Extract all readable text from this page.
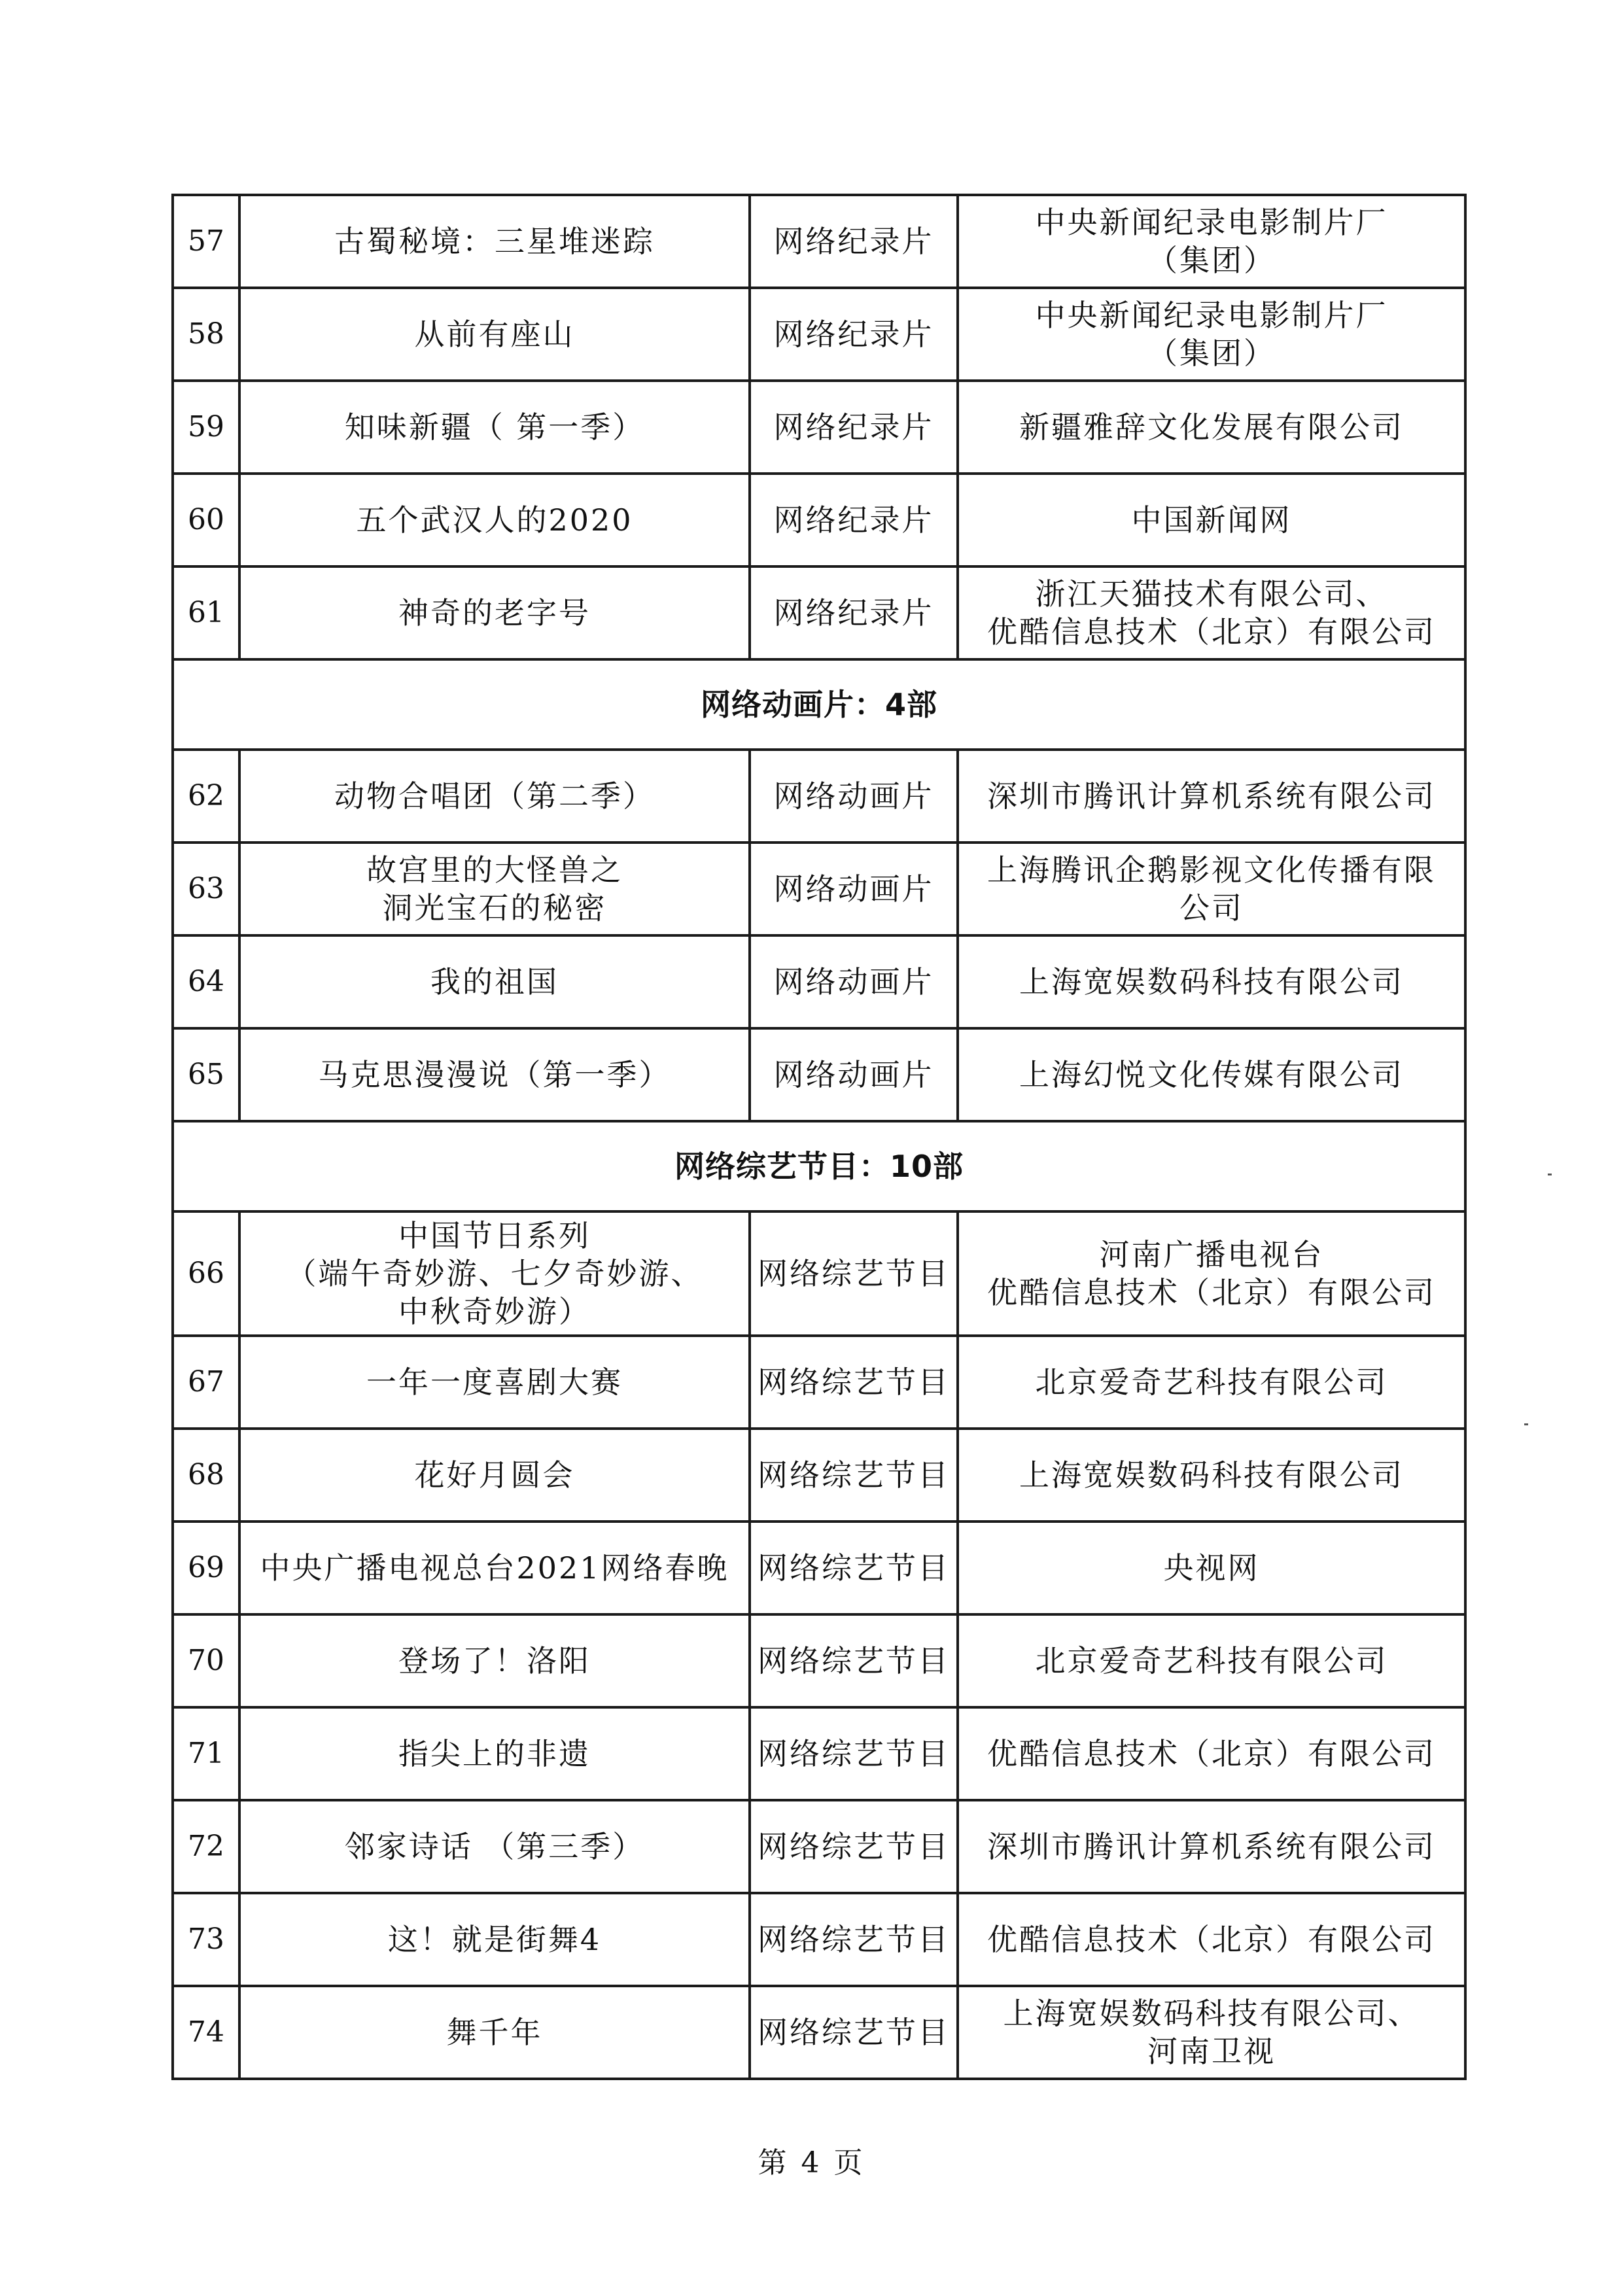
57	古蜀秘境：三星堆迷踪	网络纪录片	中央新闻纪录电影制片厂
（集团）

58	从前有座山	网络纪录片	中央新闻纪录电影制片厂
（集团）

59	知味新疆（ 第一季）	网络纪录片	新疆雅辞文化发展有限公司

60	五个武汉人的2020	网络纪录片	中国新闻网

61	神奇的老字号	网络纪录片	浙江天猫技术有限公司、
优酷信息技术（北京）有限公司

网络动画片：4部			
62	动物合唱团（第二季）	网络动画片	深圳市腾讯计算机系统有限公司

63	故宫里的大怪兽之
洞光宝石的秘密	网络动画片	上海腾讯企鹅影视文化传播有限
公司

64	我的祖国	网络动画片	上海宽娱数码科技有限公司

65	马克思漫漫说（第一季）	网络动画片	上海幻悦文化传媒有限公司

网络综艺节目：10部			
66	中国节日系列
（端午奇妙游、七夕奇妙游、
中秋奇妙游）	网络综艺节目	河南广播电视台
优酷信息技术（北京）有限公司

67	一年一度喜剧大赛	网络综艺节目	北京爱奇艺科技有限公司

68	花好月圆会	网络综艺节目	上海宽娱数码科技有限公司

69	中央广播电视总台2021网络春晚	网络综艺节目	央视网

70	登场了！洛阳	网络综艺节目	北京爱奇艺科技有限公司

71	指尖上的非遗	网络综艺节目	优酷信息技术（北京）有限公司

72	邻家诗话 （第三季）	网络综艺节目	深圳市腾讯计算机系统有限公司

73	这！就是街舞4	网络综艺节目	优酷信息技术（北京）有限公司

74	舞千年	网络综艺节目	上海宽娱数码科技有限公司、
河南卫视
第 4 页
